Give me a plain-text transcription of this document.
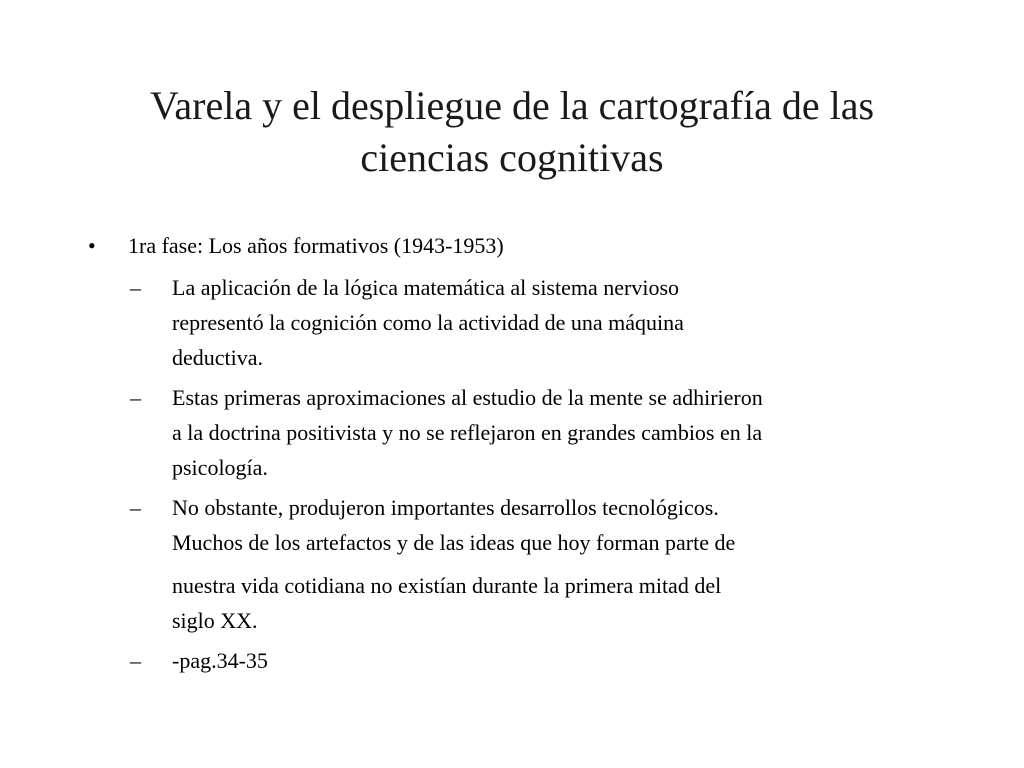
Varela y el despliegue de la cartografía de las
ciencias cognitivas
•	1ra fase: Los años formativos (1943-1953)
–	La aplicación de la lógica matemática al sistema nervioso
representó la cognición como la actividad de una máquina
deductiva.
–	Estas primeras aproximaciones al estudio de la mente se adhirieron
a la doctrina positivista y no se reflejaron en grandes cambios en la
psicología.
–	No obstante, produjeron importantes desarrollos tecnológicos.
Muchos de los artefactos y de las ideas que hoy forman parte de
nuestra vida cotidiana no existían durante la primera mitad del
siglo XX.
–	-pag.34-35
